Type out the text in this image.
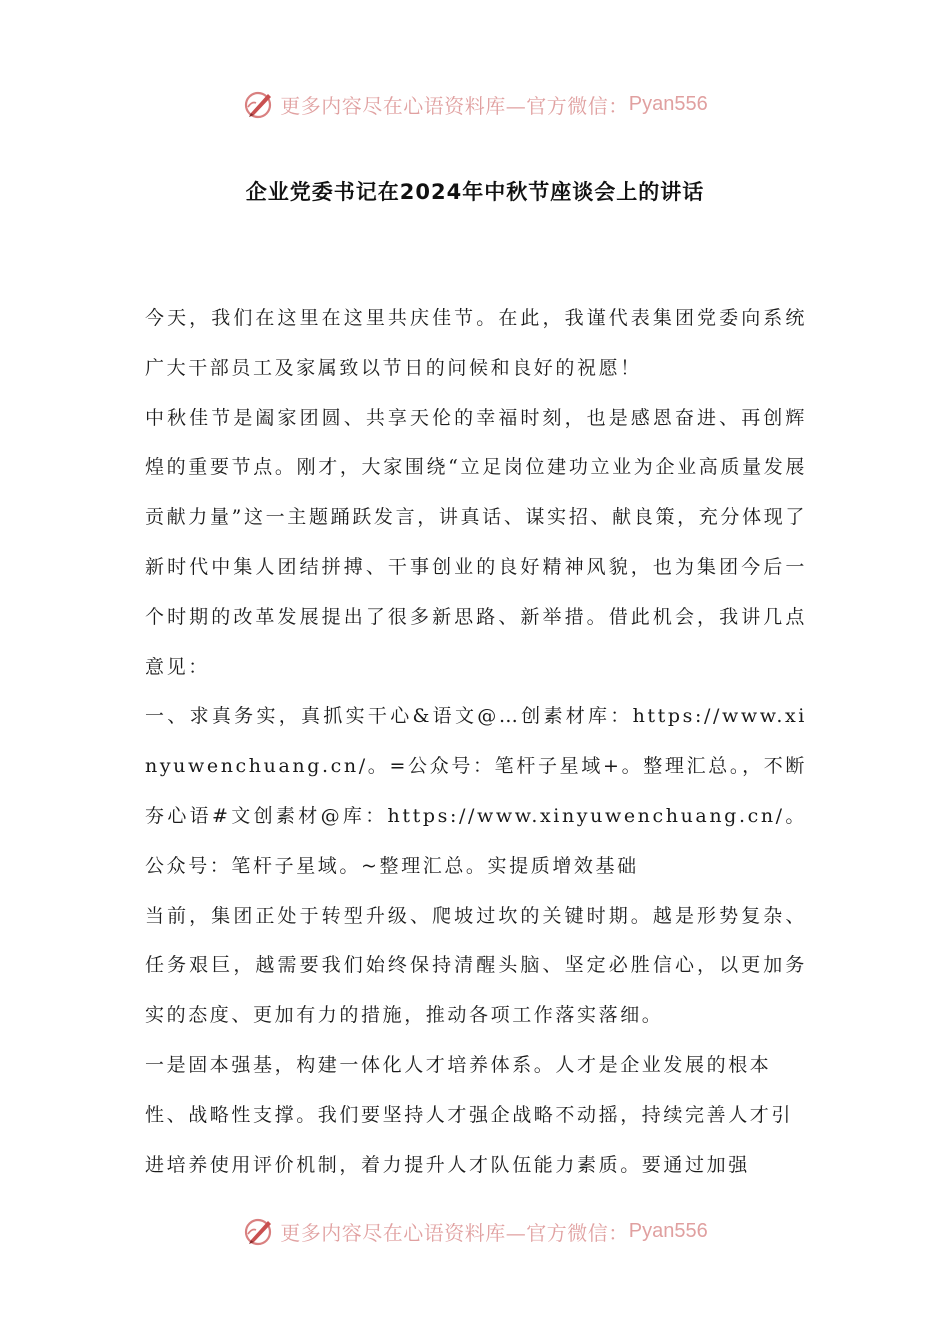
更多内容尽在心语资料库—官方微信： Pyan556
企业党委书记在2024年中秋节座谈会上的讲话

今天，我们在这里在这里共庆佳节。在此，我谨代表集团党委向系统广大干部员工及家属致以节日的问候和良好的祝愿！

中秋佳节是阖家团圆、共享天伦的幸福时刻，也是感恩奋进、再创辉煌的重要节点。刚才，大家围绕“立足岗位建功立业为企业高质量发展贡献力量”这一主题踊跃发言，讲真话、谋实招、献良策，充分体现了新时代中集人团结拼搏、干事创业的良好精神风貌，也为集团今后一个时期的改革发展提出了很多新思路、新举措。借此机会，我讲几点意见：

一、求真务实，真抓实干心&语文@…创素材库：https://www.xinyuwenchuang.cn/。=公众号：笔杆子星域+。整理汇总。，不断夯心语#文创素材@库：https://www.xinyuwenchuang.cn/。公众号：笔杆子星域。~整理汇总。实提质增效基础

当前，集团正处于转型升级、爬坡过坎的关键时期。越是形势复杂、任务艰巨，越需要我们始终保持清醒头脑、坚定必胜信心，以更加务实的态度、更加有力的措施，推动各项工作落实落细。

一是固本强基，构建一体化人才培养体系。人才是企业发展的根本性、战略性支撑。我们要坚持人才强企战略不动摇，持续完善人才引进培养使用评价机制，着力提升人才队伍能力素质。要通过加强

更多内容尽在心语资料库—官方微信： Pyan556
